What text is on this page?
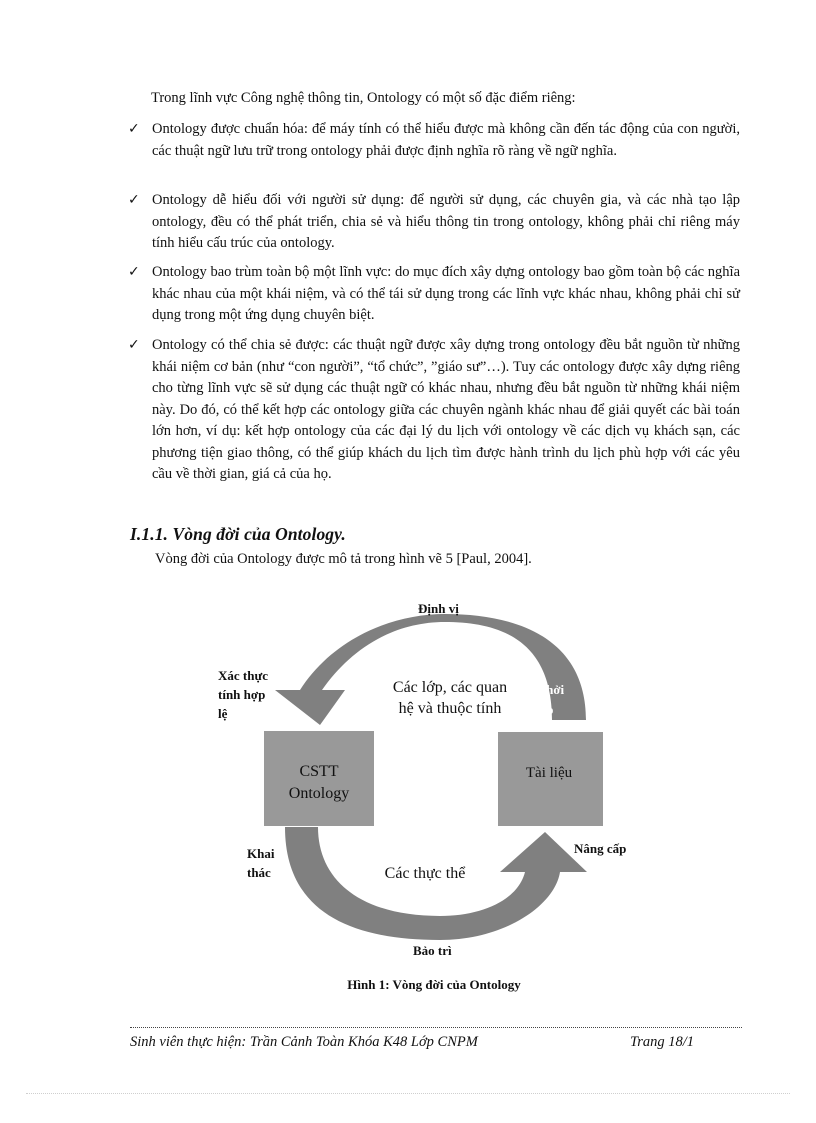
Trong lĩnh vực Công nghệ thông tin, Ontology có một số đặc điểm riêng:
✓ Ontology được chuẩn hóa: để máy tính có thể hiểu được mà không cần đến tác động của con người, các thuật ngữ lưu trữ trong ontology phải được định nghĩa rõ ràng về ngữ nghĩa.
✓ Ontology dễ hiểu đối với người sử dụng: để người sử dụng, các chuyên gia, và các nhà tạo lập ontology, đều có thể phát triển, chia sẻ và hiểu thông tin trong ontology, không phải chỉ riêng máy tính hiểu cấu trúc của ontology.
✓ Ontology bao trùm toàn bộ một lĩnh vực: do mục đích xây dựng ontology bao gồm toàn bộ các nghĩa khác nhau của một khái niệm, và có thể tái sử dụng trong các lĩnh vực khác nhau, không phải chỉ sử dụng trong một ứng dụng chuyên biệt.
✓ Ontology có thể chia sẻ được: các thuật ngữ được xây dựng trong ontology đều bắt nguồn từ những khái niệm cơ bản (như “con người”, “tổ chức”, ”giáo sư”…). Tuy các ontology được xây dựng riêng cho từng lĩnh vực sẽ sử dụng các thuật ngữ có khác nhau, nhưng đều bắt nguồn từ những khái niệm này. Do đó, có thể kết hợp các ontology giữa các chuyên ngành khác nhau để giải quyết các bài toán lớn hơn, ví dụ: kết hợp ontology của các đại lý du lịch với ontology về các dịch vụ khách sạn, các phương tiện giao thông, có thể giúp khách du lịch tìm được hành trình du lịch phù hợp với các yêu cầu về thời gian, giá cả của họ.
I.1.1. Vòng đời của Ontology.
Vòng đời của Ontology được mô tả trong hình vẽ 5 [Paul, 2004].
Định vị
Xác thực
tính hợp
lệ
Các lớp, các quan
hệ và thuộc tính
Khởi
tạo
CSTT
Ontology
Tài liệu
Khai
thác	Các thực thể
Nâng cấp
Bảo trì
Hình 1: Vòng đời của Ontology
Sinh viên thực hiện: Trần Cảnh Toàn Khóa K48 Lớp CNPM	Trang 18/1
